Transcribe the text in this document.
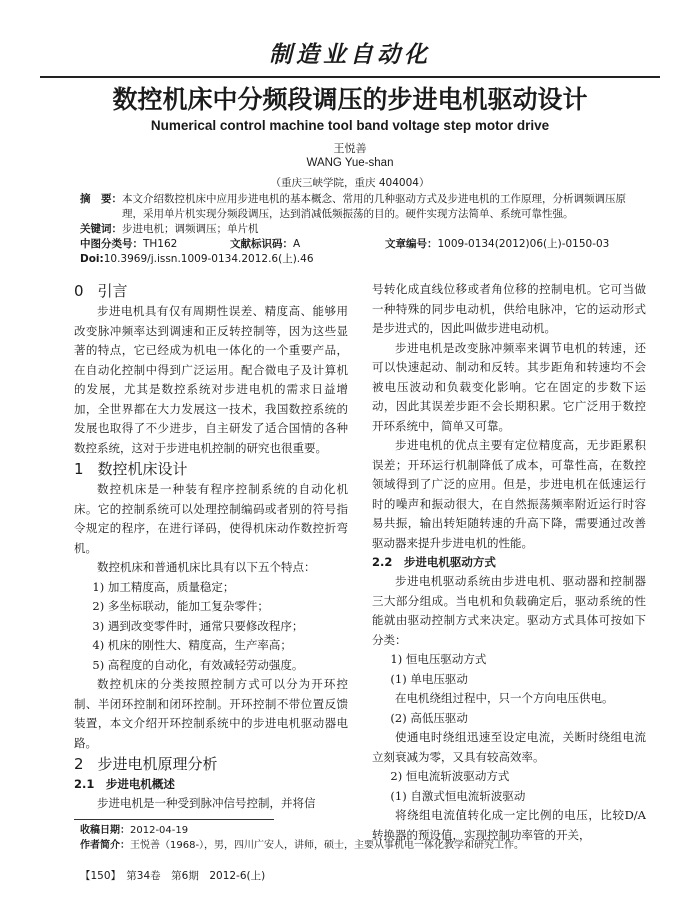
制造业自动化
数控机床中分频段调压的步进电机驱动设计
Numerical control machine tool band voltage step motor drive
王悦善
WANG Yue-shan
（重庆三峡学院，重庆 404004）
摘　要： 本文介绍数控机床中应用步进电机的基本概念、常用的几种驱动方式及步进电机的工作原理，分析调频调压原理，采用单片机实现分频段调压，达到消减低频振荡的目的。硬件实现方法简单、系统可靠性强。
关键词：步进电机；调频调压；单片机
中图分类号：TH162	文献标识码：A	文章编号：1009-0134(2012)06(上)-0150-03
Doi:10.3969/j.issn.1009-0134.2012.6(上).46

0 引言

步进电机具有仅有周期性误差、精度高、能够用改变脉冲频率达到调速和正反转控制等，因为这些显著的特点，它已经成为机电一体化的一个重要产品，在自动化控制中得到广泛运用。配合微电子及计算机的发展，尤其是数控系统对步进电机的需求日益增加，全世界都在大力发展这一技术，我国数控系统的发展也取得了不少进步，自主研发了适合国情的各种数控系统，这对于步进电机控制的研究也很重要。

1 数控机床设计

数控机床是一种装有程序控制系统的自动化机床。它的控制系统可以处理控制编码或者别的符号指令规定的程序，在进行译码，使得机床动作数控折弯机。

数控机床和普通机床比具有以下五个特点：

1) 加工精度高，质量稳定；

2) 多坐标联动，能加工复杂零件；

3) 遇到改变零件时，通常只要修改程序；

4) 机床的刚性大、精度高，生产率高；

5) 高程度的自动化，有效减轻劳动强度。

数控机床的分类按照控制方式可以分为开环控制、半闭环控制和闭环控制。开环控制不带位置反馈装置，本文介绍开环控制系统中的步进电机驱动器电路。

2 步进电机原理分析

2.1　步进电机概述

步进电机是一种受到脉冲信号控制，并将信

号转化成直线位移或者角位移的控制电机。它可当做一种特殊的同步电动机，供给电脉冲，它的运动形式是步进式的，因此叫做步进电动机。

步进电机是改变脉冲频率来调节电机的转速，还可以快速起动、制动和反转。其步距角和转速均不会被电压波动和负载变化影响。它在固定的步数下运动，因此其误差步距不会长期积累。它广泛用于数控开环系统中，简单又可靠。

步进电机的优点主要有定位精度高，无步距累积误差；开环运行机制降低了成本，可靠性高，在数控领域得到了广泛的应用。但是，步进电机在低速运行时的噪声和振动很大，在自然振荡频率附近运行时容易共振，输出转矩随转速的升高下降，需要通过改善驱动器来提升步进电机的性能。

2.2　步进电机驱动方式

步进电机驱动系统由步进电机、驱动器和控制器三大部分组成。当电机和负载确定后，驱动系统的性能就由驱动控制方式来决定。驱动方式具体可按如下分类：

1) 恒电压驱动方式

(1) 单电压驱动

在电机绕组过程中，只一个方向电压供电。

(2) 高低压驱动

使通电时绕组迅速至设定电流，关断时绕组电流立刻衰减为零，又具有较高效率。

2) 恒电流斩波驱动方式

(1) 自激式恒电流斩波驱动

将绕组电流值转化成一定比例的电压，比较D/A转换器的预设值，实现控制功率管的开关，

收稿日期：2012-04-19
作者简介：王悦善（1968-），男，四川广安人，讲师，硕士，主要从事机电一体化教学和研究工作。
【150】　第34卷　第6期　2012-6(上)
